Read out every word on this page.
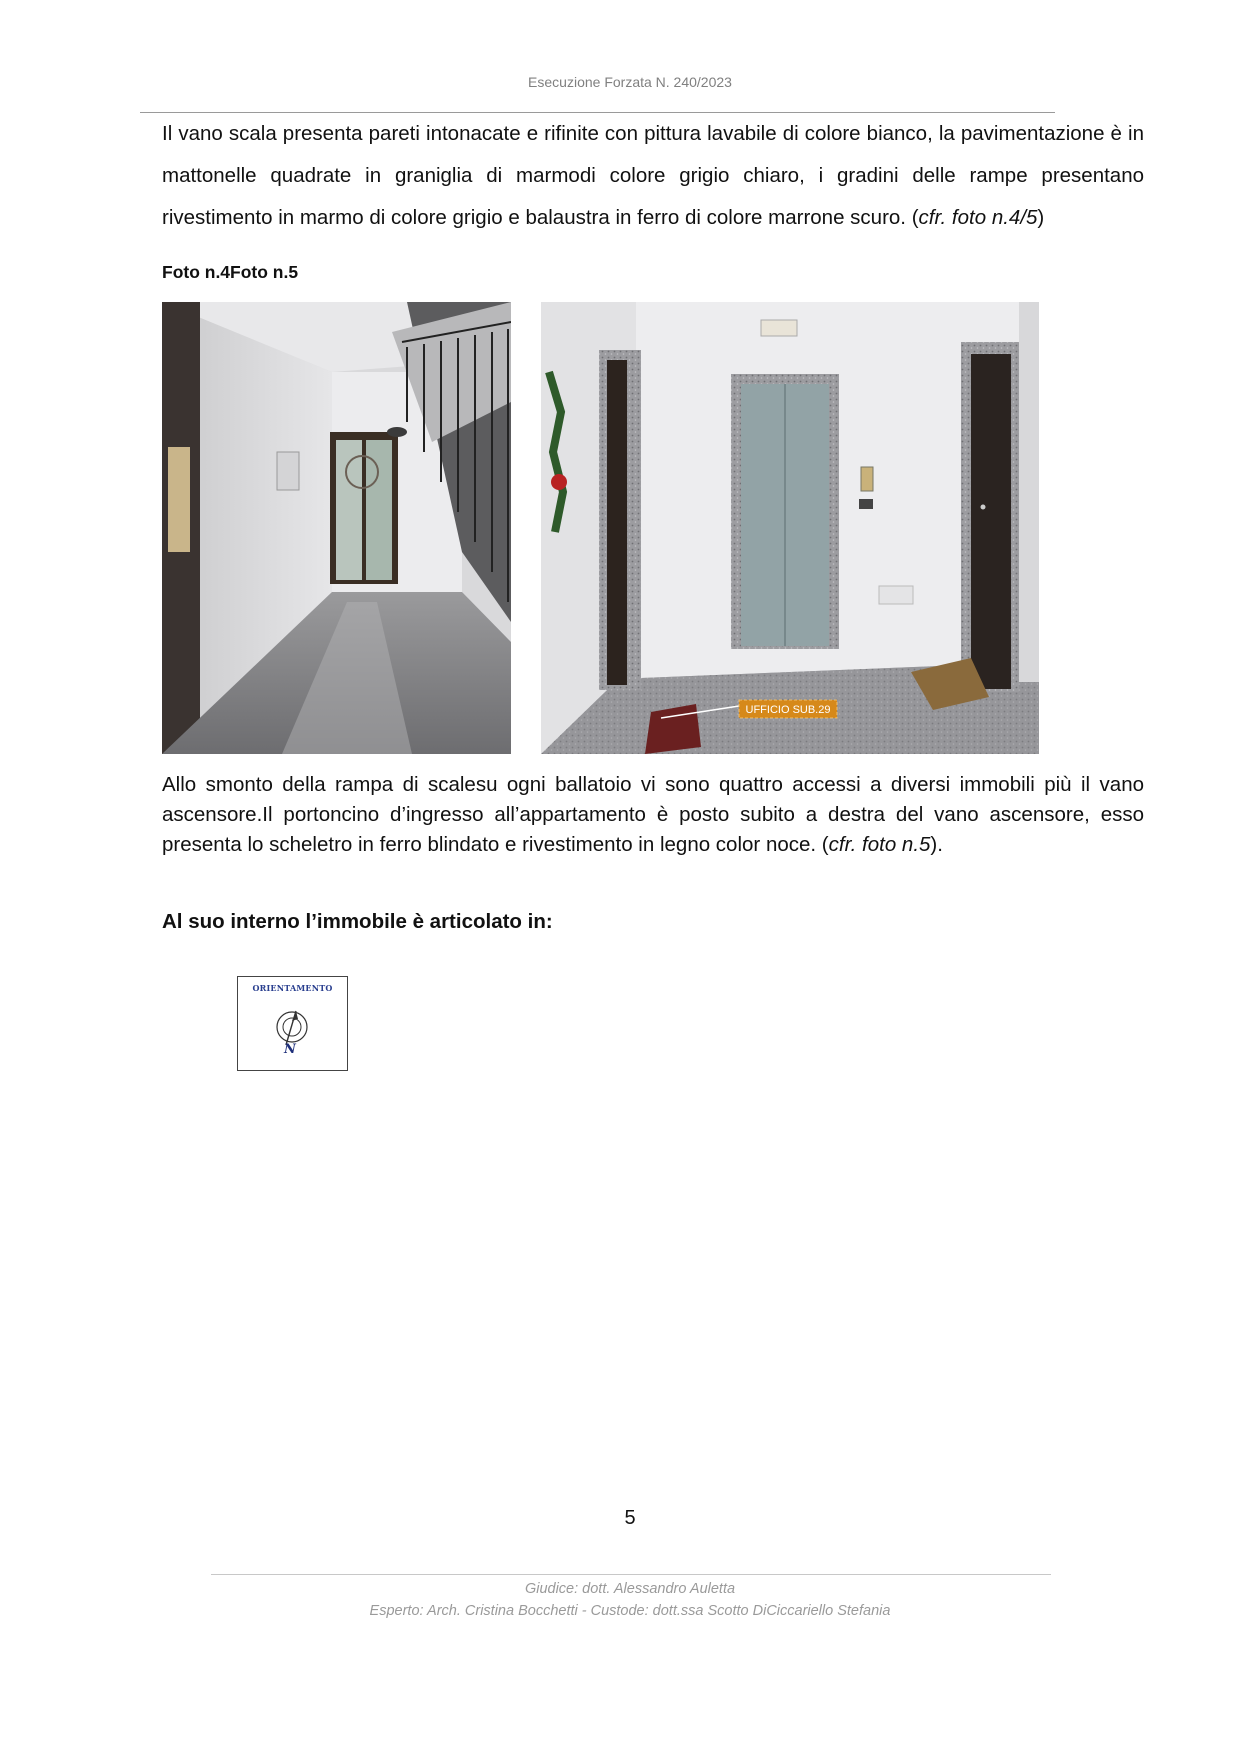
Esecuzione Forzata N. 240/2023
Il vano scala presenta pareti intonacate e rifinite con pittura lavabile di colore bianco, la pavimentazione è in mattonelle quadrate in graniglia di marmodi colore grigio chiaro, i gradini delle rampe presentano rivestimento in marmo di colore grigio e balaustra in ferro di colore marrone scuro. (cfr. foto n.4/5)
Foto n.4Foto n.5
UFFICIO SUB.29
Allo smonto della rampa di scalesu ogni ballatoio vi sono quattro accessi a diversi immobili più il vano ascensore.Il portoncino d’ingresso all’appartamento è posto subito a destra del vano ascensore, esso presenta lo scheletro in ferro blindato e rivestimento in legno color noce. (cfr. foto n.5).
Al suo interno l’immobile è articolato in:
ORIENTAMENTO
N
5
Giudice: dott. Alessandro Auletta
Esperto: Arch. Cristina Bocchetti - Custode: dott.ssa Scotto DiCiccariello Stefania
